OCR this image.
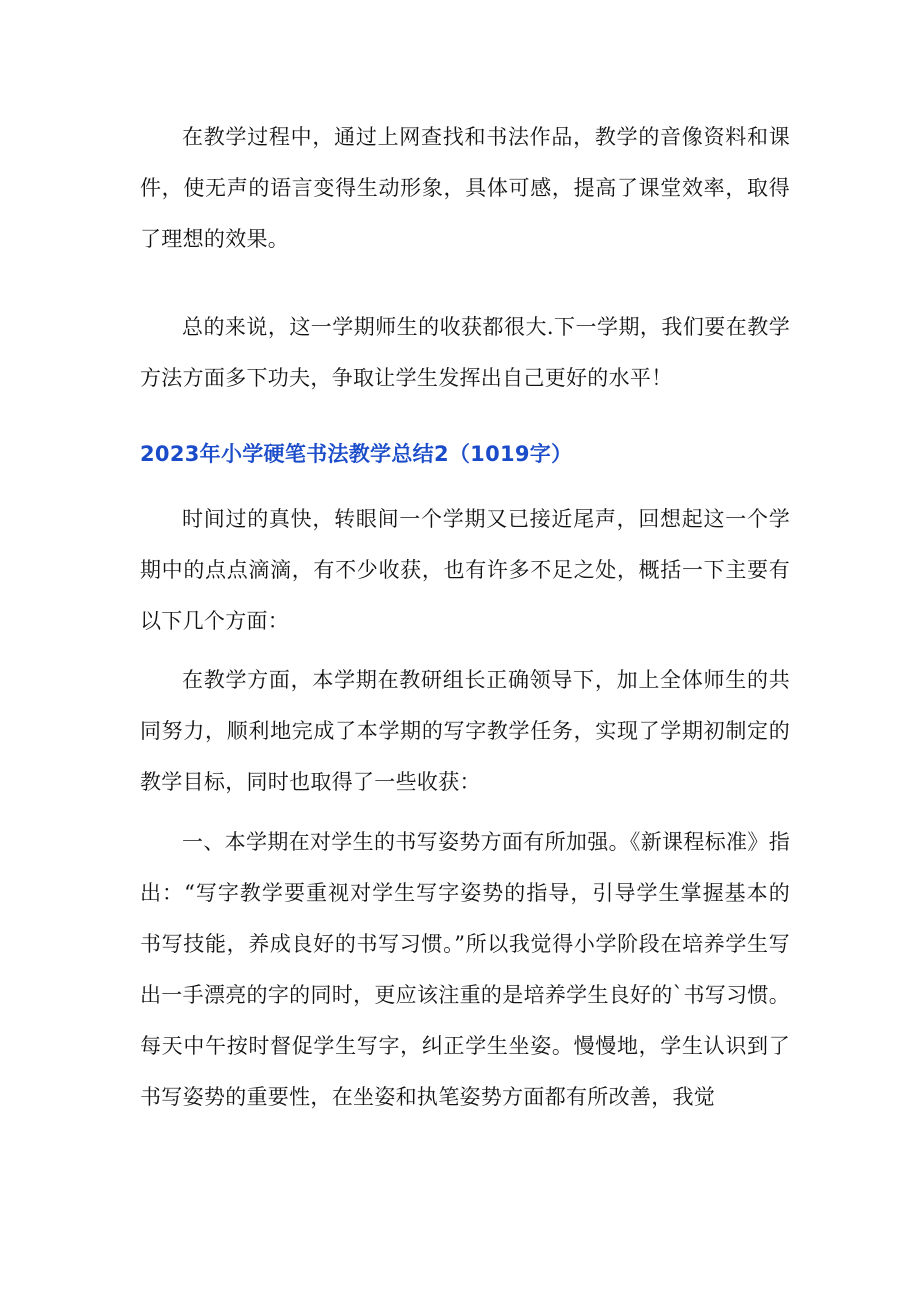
在教学过程中，通过上网查找和书法作品，教学的音像资料和课件，使无声的语言变得生动形象，具体可感，提高了课堂效率，取得了理想的效果。

总的来说，这一学期师生的收获都很大.下一学期，我们要在教学方法方面多下功夫，争取让学生发挥出自己更好的水平！

2023年小学硬笔书法教学总结2（1019字）

时间过的真快，转眼间一个学期又已接近尾声，回想起这一个学期中的点点滴滴，有不少收获，也有许多不足之处，概括一下主要有以下几个方面：

在教学方面，本学期在教研组长正确领导下，加上全体师生的共同努力，顺利地完成了本学期的写字教学任务，实现了学期初制定的教学目标，同时也取得了一些收获：

一、本学期在对学生的书写姿势方面有所加强。《新课程标准》指出：“写字教学要重视对学生写字姿势的指导，引导学生掌握基本的书写技能，养成良好的书写习惯。”所以我觉得小学阶段在培养学生写出一手漂亮的字的同时，更应该注重的是培养学生良好的`书写习惯。每天中午按时督促学生写字，纠正学生坐姿。慢慢地，学生认识到了书写姿势的重要性，在坐姿和执笔姿势方面都有所改善，我觉
